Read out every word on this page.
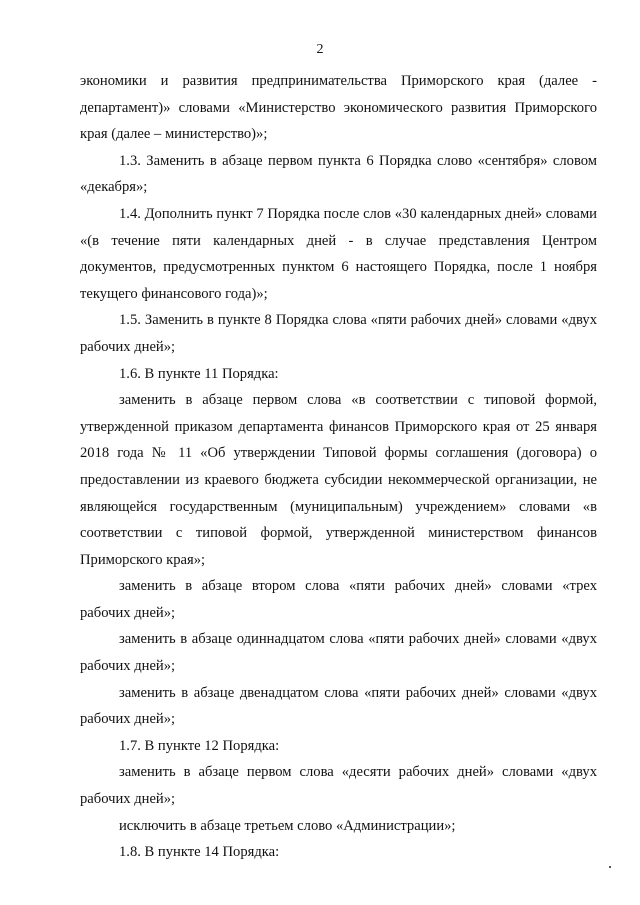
2

экономики и развития предпринимательства Приморского края (далее - департамент)» словами «Министерство экономического развития Приморского края (далее – министерство)»;

1.3. Заменить в абзаце первом пункта 6 Порядка слово «сентября» словом «декабря»;

1.4. Дополнить пункт 7 Порядка после слов «30 календарных дней» словами «(в течение пяти календарных дней - в случае представления Центром документов, предусмотренных пунктом 6 настоящего Порядка, после 1 ноября текущего финансового года)»;

1.5. Заменить в пункте 8 Порядка слова «пяти рабочих дней» словами «двух рабочих дней»;

1.6. В пункте 11 Порядка:

заменить в абзаце первом слова «в соответствии с типовой формой, утвержденной приказом департамента финансов Приморского края от 25 января 2018 года № 11 «Об утверждении Типовой формы соглашения (договора) о предоставлении из краевого бюджета субсидии некоммерческой организации, не являющейся государственным (муниципальным) учреждением» словами «в соответствии с типовой формой, утвержденной министерством финансов Приморского края»;

заменить в абзаце втором слова «пяти рабочих дней» словами «трех рабочих дней»;

заменить в абзаце одиннадцатом слова «пяти рабочих дней» словами «двух рабочих дней»;

заменить в абзаце двенадцатом слова «пяти рабочих дней» словами «двух рабочих дней»;

1.7. В пункте 12 Порядка:

заменить в абзаце первом слова «десяти рабочих дней» словами «двух рабочих дней»;

исключить в абзаце третьем слово «Администрации»;

1.8. В пункте 14 Порядка:
